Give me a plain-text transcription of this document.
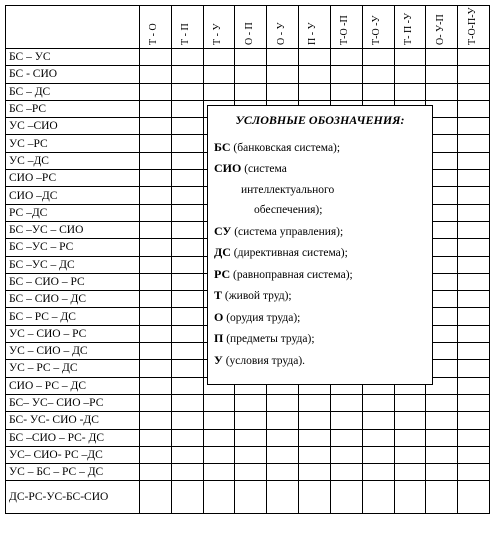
	Т - О	Т - П	Т - У	О - П	О - У	П - У	Т-О -П	Т-О -У	Т- П -У	О- У-П	Т-О-П-У

БС – УС											
БС - СИО											
БС – ДС											
БС –РС											
УС –СИО											
УС –РС											
УС –ДС											
СИО –РС											
СИО –ДС											
РС –ДС											
БС –УС – СИО											
БС –УС – РС											
БС –УС – ДС											
БС – СИО – РС											
БС – СИО – ДС											
БС – РС – ДС											
УС – СИО – РС											
УС – СИО – ДС											
УС – РС – ДС											
СИО – РС – ДС											
БС– УС– СИО –РС											
БС- УС- СИО -ДС											
БС –СИО – РС- ДС											
УС– СИО- РС –ДС											
УС – БС – РС – ДС											
ДС-РС-УС-БС-СИО											
УСЛОВНЫЕ ОБОЗНАЧЕНИЯ:
БС (банковская система);
СИО (система
интеллектуального
обеспечения);
СУ (система управления);
ДС (директивная система);
РС (равноправная система);
Т (живой труд);
О (орудия труда);
П (предметы труда);
У (условия труда).
